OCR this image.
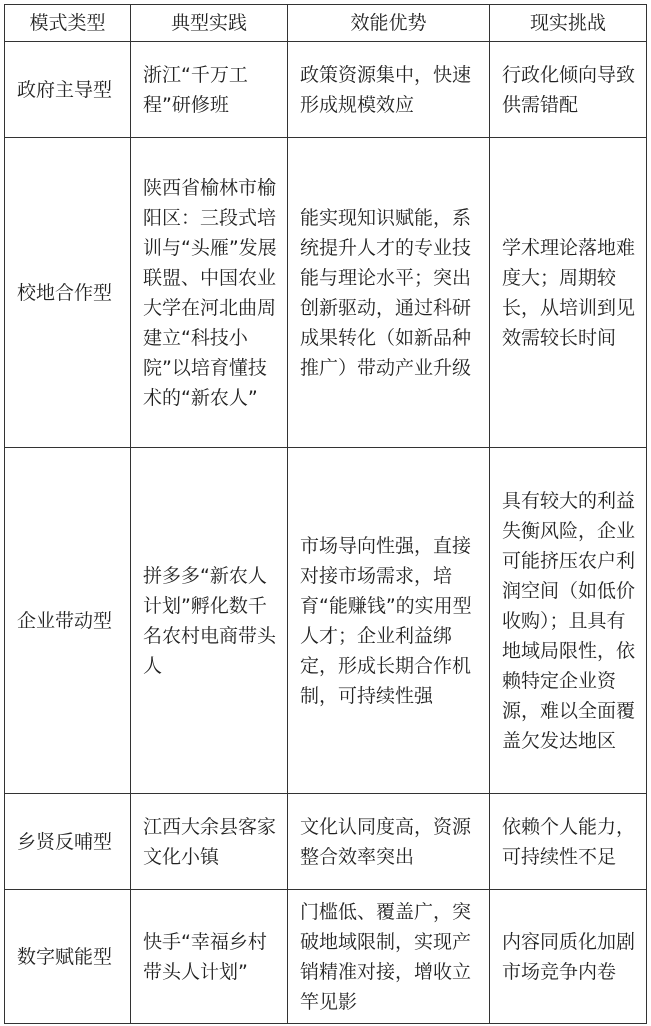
模式类型	典型实践	效能优势	现实挑战
政府主导型	浙江“千万工程”研修班	政策资源集中，快速形成规模效应	行政化倾向导致供需错配
校地合作型	陕西省榆林市榆阳区：三段式培训与“头雁”发展联盟、中国农业大学在河北曲周建立“科技小院”以培育懂技术的“新农人”	能实现知识赋能，系统提升人才的专业技能与理论水平；突出创新驱动，通过科研成果转化（如新品种推广）带动产业升级	学术理论落地难度大；周期较长，从培训到见效需较长时间
企业带动型	拼多多“新农人计划”孵化数千名农村电商带头人	市场导向性强，直接对接市场需求，培育“能赚钱”的实用型人才；企业利益绑定，形成长期合作机制，可持续性强	具有较大的利益失衡风险，企业可能挤压农户利润空间（如低价收购）；且具有地域局限性，依赖特定企业资源，难以全面覆盖欠发达地区
乡贤反哺型	江西大余县客家文化小镇	文化认同度高，资源整合效率突出	依赖个人能力，可持续性不足
数字赋能型	快手“幸福乡村带头人计划”	门槛低、覆盖广，突破地域限制，实现产销精准对接，增收立竿见影	内容同质化加剧市场竞争内卷
